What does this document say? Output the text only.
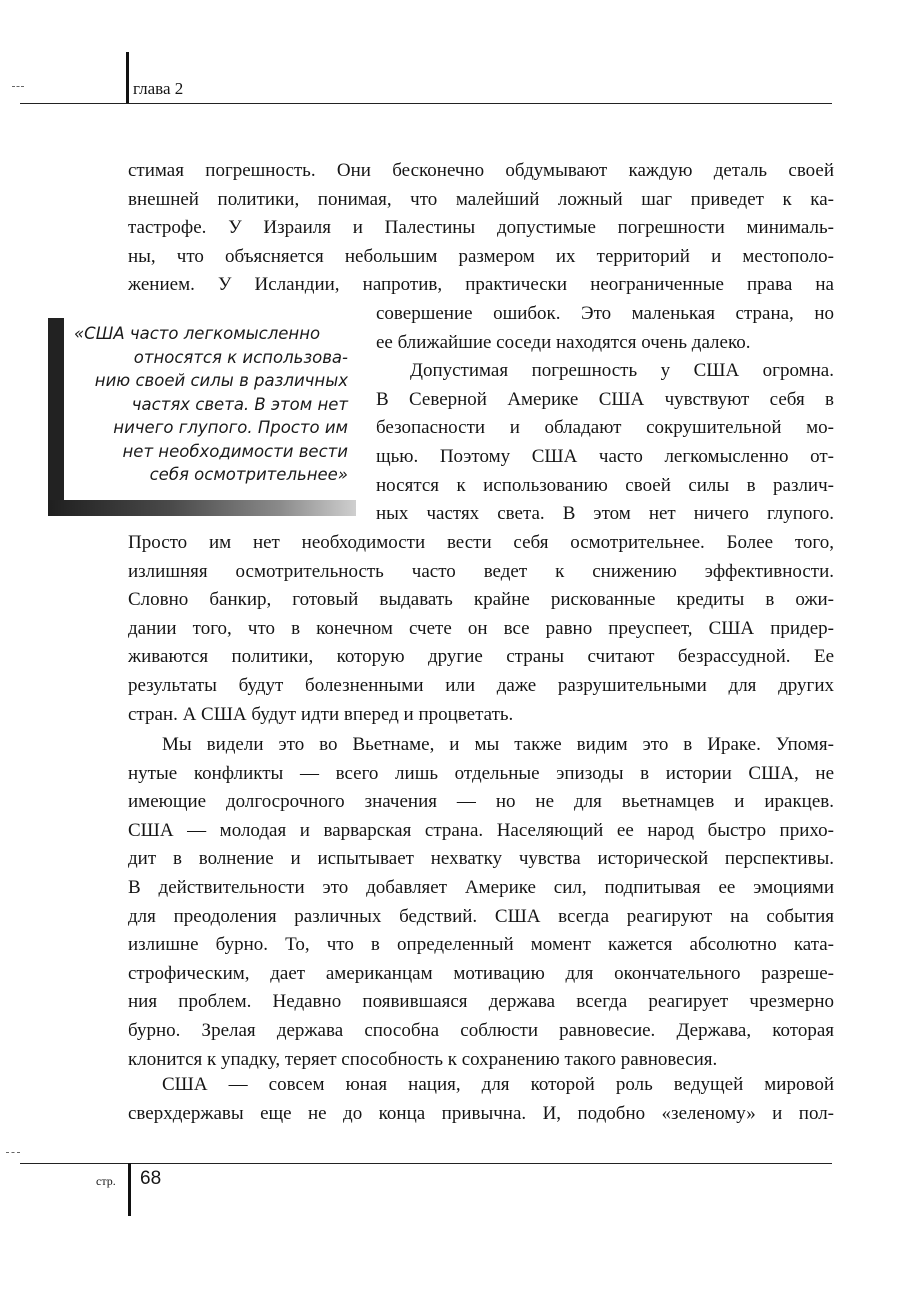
глава 2
стимая погрешность. Они бесконечно обдумывают каждую деталь своей
внешней политики, понимая, что малейший ложный шаг приведет к ка-
тастрофе. У Израиля и Палестины допустимые погрешности минималь-
ны, что объясняется небольшим размером их территорий и местополо-
жением. У Исландии, напротив, практически неограниченные права на
«США часто легкомысленно
относятся к использова-
нию своей силы в различных
частях света. В этом нет
ничего глупого. Просто им
нет необходимости вести
себя осмотрительнее»
совершение ошибок. Это маленькая страна, но
ее ближайшие соседи находятся очень далеко.
Допустимая погрешность у США огромна.
В Северной Америке США чувствуют себя в
безопасности и обладают сокрушительной мо-
щью. Поэтому США часто легкомысленно от-
носятся к использованию своей силы в различ-
ных частях света. В этом нет ничего глупого.
Просто им нет необходимости вести себя осмотрительнее. Более того,
излишняя осмотрительность часто ведет к снижению эффективности.
Словно банкир, готовый выдавать крайне рискованные кредиты в ожи-
дании того, что в конечном счете он все равно преуспеет, США придер-
живаются политики, которую другие страны считают безрассудной. Ее
результаты будут болезненными или даже разрушительными для других
стран. А США будут идти вперед и процветать.
Мы видели это во Вьетнаме, и мы также видим это в Ираке. Упомя-
нутые конфликты — всего лишь отдельные эпизоды в истории США, не
имеющие долгосрочного значения — но не для вьетнамцев и иракцев.
США — молодая и варварская страна. Населяющий ее народ быстро прихо-
дит в волнение и испытывает нехватку чувства исторической перспективы.
В действительности это добавляет Америке сил, подпитывая ее эмоциями
для преодоления различных бедствий. США всегда реагируют на события
излишне бурно. То, что в определенный момент кажется абсолютно ката-
строфическим, дает американцам мотивацию для окончательного разреше-
ния проблем. Недавно появившаяся держава всегда реагирует чрезмерно
бурно. Зрелая держава способна соблюсти равновесие. Держава, которая
клонится к упадку, теряет способность к сохранению такого равновесия.
США — совсем юная нация, для которой роль ведущей мировой
сверхдержавы еще не до конца привычна. И, подобно «зеленому» и пол-
стр. 68
